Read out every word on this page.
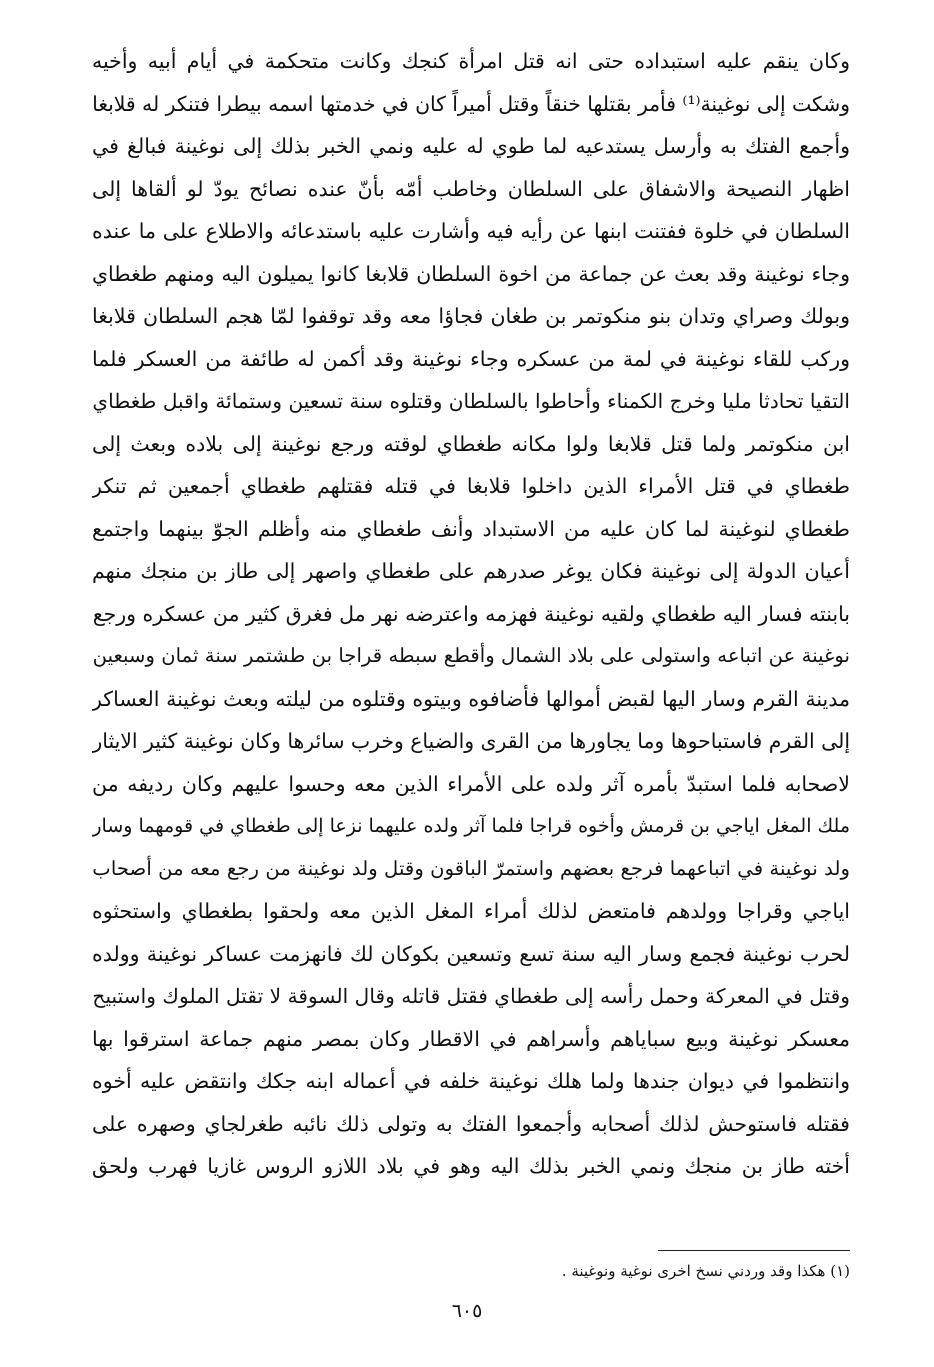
وكان ينقم عليه استبداده حتى انه قتل امرأة كنجك وكانت متحكمة في أيام أبيه وأخيه
وشكت إلى نوغينة⁽¹⁾ فأمر بقتلها خنقاً وقتل أميراً كان في خدمتها اسمه بيطرا فتنكر له قلابغا
وأجمع الفتك به وأرسل يستدعيه لما طوي له عليه ونمي الخبر بذلك إلى نوغينة فبالغ في
اظهار النصيحة والاشفاق على السلطان وخاطب أمّه بأنّ عنده نصائح يودّ لو ألقاها إلى
السلطان في خلوة ففتنت ابنها عن رأيه فيه وأشارت عليه باستدعائه والاطلاع على ما عنده
وجاء نوغينة وقد بعث عن جماعة من اخوة السلطان قلابغا كانوا يميلون اليه ومنهم طغطاي
وبولك وصراي وتدان بنو منكوتمر بن طغان فجاؤا معه وقد توقفوا لمّا هجم السلطان قلابغا
وركب للقاء نوغينة في لمة من عسكره وجاء نوغينة وقد أكمن له طائفة من العسكر فلما
التقيا تحادثا مليا وخرج الكمناء وأحاطوا بالسلطان وقتلوه سنة تسعين وستمائة واقبل طغطاي
ابن منكوتمر ولما قتل قلابغا ولوا مكانه طغطاي لوقته ورجع نوغينة إلى بلاده وبعث إلى
طغطاي في قتل الأمراء الذين داخلوا قلابغا في قتله فقتلهم طغطاي أجمعين ثم تنكر
طغطاي لنوغينة لما كان عليه من الاستبداد وأنف طغطاي منه وأظلم الجوّ بينهما واجتمع
أعيان الدولة إلى نوغينة فكان يوغر صدرهم على طغطاي واصهر إلى طاز بن منجك منهم
بابنته فسار اليه طغطاي ولقيه نوغينة فهزمه واعترضه نهر مل فغرق كثير من عسكره ورجع
نوغينة عن اتباعه واستولى على بلاد الشمال وأقطع سبطه قراجا بن طشتمر سنة ثمان وسبعين
مدينة القرم وسار اليها لقبض أموالها فأضافوه وبيتوه وقتلوه من ليلته وبعث نوغينة العساكر
إلى القرم فاستباحوها وما يجاورها من القرى والضياع وخرب سائرها وكان نوغينة كثير الايثار
لاصحابه فلما استبدّ بأمره آثر ولده على الأمراء الذين معه وحسوا عليهم وكان رديفه من
ملك المغل اياجي بن قرمش وأخوه قراجا فلما آثر ولده عليهما نزعا إلى طغطاي في قومهما وسار
ولد نوغينة في اتباعهما فرجع بعضهم واستمرّ الباقون وقتل ولد نوغينة من رجع معه من أصحاب
اياجي وقراجا وولدهم فامتعض لذلك أمراء المغل الذين معه ولحقوا بطغطاي واستحثوه
لحرب نوغينة فجمع وسار اليه سنة تسع وتسعين بكوكان لك فانهزمت عساكر نوغينة وولده
وقتل في المعركة وحمل رأسه إلى طغطاي فقتل قاتله وقال السوقة لا تقتل الملوك واستبيح
معسكر نوغينة وبيع سباياهم وأسراهم في الاقطار وكان بمصر منهم جماعة استرقوا بها
وانتظموا في ديوان جندها ولما هلك نوغينة خلفه في أعماله ابنه جكك وانتقض عليه أخوه
فقتله فاستوحش لذلك أصحابه وأجمعوا الفتك به وتولى ذلك نائبه طغرلجاي وصهره على
أخته طاز بن منجك ونمي الخبر بذلك اليه وهو في بلاد اللازو الروس غازيا فهرب ولحق
(١) هكذا وقد وردني نسخ اخرى نوغية ونوغينة .
٦٠٥
